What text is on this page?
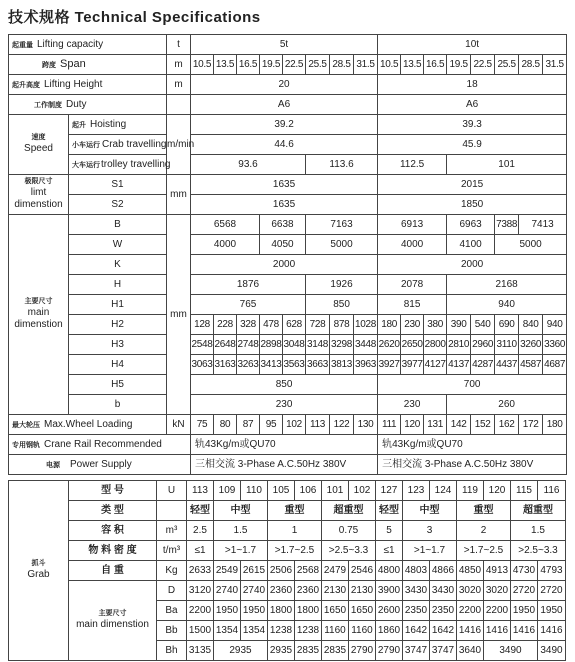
技术规格 Technical Specifications
起重量 Lifting capacity		t	5t								10t							
跨度 Span		m	10.5	13.5	16.5	19.5	22.5	25.5	28.5	31.5	10.5	13.5	16.5	19.5	22.5	25.5	28.5	31.5
起升高度 Lifting Height		m	20								18							
工作制度 Duty			A6								A6							

速度
Speed	起升 Hoisting	m/min	39.2								39.3							
	小车运行 Crab travelling		44.6								45.9							
	大车运行trolley travelling		93.6					113.6			112.5			101				

极限尺寸
limt dimenstion	S1	mm	1635								2015							
	S2		1635								1850							

主要尺寸
main dimenstion	B	mm	6568			6638		7163			6913			6963		7388	7413	
	W		4000			4050		5000			4000			4100		5000		
	K		2000								2000							
	H		1876					1926			2078			2168				
	H1		765					850			815			940				
	H2		128	228	328	478	628	728	878	1028	180	230	380	390	540	690	840	940
	H3		2548	2648	2748	2898	3048	3148	3298	3448	2620	2650	2800	2810	2960	3110	3260	3360
	H4		3063	3163	3263	3413	3563	3663	3813	3963	3927	3977	4127	4137	4287	4437	4587	4687
	H5		850								700							
	b		230								230			260				
最大轮压 Max.Wheel Loading		kN	75	80	87	95	102	113	122	130	111	120	131	142	152	162	172	180
专用钢轨 Crane Rail Recommended			轨43Kg/m或QU70								轨43Kg/m或QU70							
电源 Power Supply			三相交流 3-Phase A.C.50Hz 380V								三相交流 3-Phase A.C.50Hz 380V							
抓斗
Grab	型 号	U	113	109	110	105	106	101	102	127	123	124	119	120	115	116
	类 型		轻型	中型		重型		超重型		轻型	中型		重型		超重型	
	容 积	m³	2.5	1.5		1		0.75		5	3		2		1.5	
	物 料 密 度	t/m³	≤1	>1~1.7		>1.7~2.5		>2.5~3.3		≤1	>1~1.7		>1.7~2.5		>2.5~3.3	
	自 重	Kg	2633	2549	2615	2506	2568	2479	2546	4800	4803	4866	4850	4913	4730	4793

	主要尺寸
main dimenstion	D	3120	2740	2740	2360	2360	2130	2130	3900	3430	3430	3020	3020	2720	2720
		Ba	2200	1950	1950	1800	1800	1650	1650	2600	2350	2350	2200	2200	1950	1950
		Bb	1500	1354	1354	1238	1238	1160	1160	1860	1642	1642	1416	1416	1416	1416
		Bh	3135	2935		2935	2835	2835	2790	2790	3747	3747	3640	3490		3490
